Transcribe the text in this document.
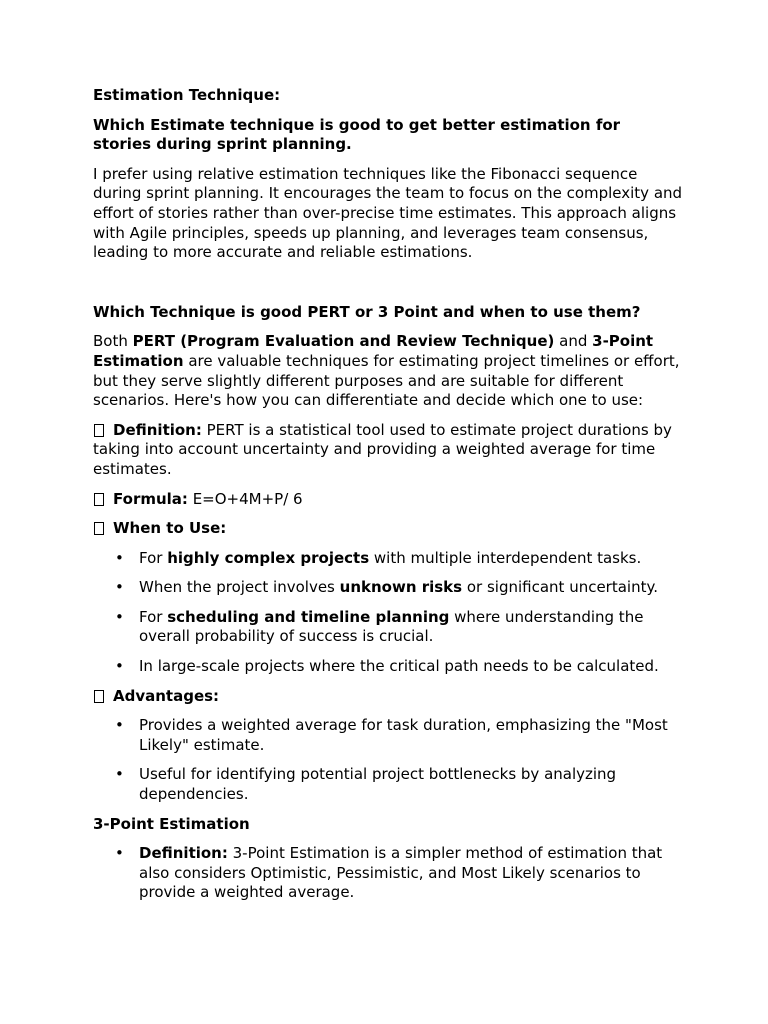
Estimation Technique:

Which Estimate technique is good to get better estimation for stories during sprint planning.

I prefer using relative estimation techniques like the Fibonacci sequence during sprint planning. It encourages the team to focus on the complexity and effort of stories rather than over-precise time estimates. This approach aligns with Agile principles, speeds up planning, and leverages team consensus, leading to more accurate and reliable estimations.

Which Technique is good PERT or 3 Point and when to use them?

Both PERT (Program Evaluation and Review Technique) and 3-Point Estimation are valuable techniques for estimating project timelines or effort, but they serve slightly different purposes and are suitable for different scenarios. Here's how you can differentiate and decide which one to use:

Definition: PERT is a statistical tool used to estimate project durations by taking into account uncertainty and providing a weighted average for time estimates.

Formula: E=O+4M+P/ 6

When to Use:

• For highly complex projects with multiple interdependent tasks.
• When the project involves unknown risks or significant uncertainty.
• For scheduling and timeline planning where understanding the overall probability of success is crucial.
• In large-scale projects where the critical path needs to be calculated.

Advantages:

• Provides a weighted average for task duration, emphasizing the "Most Likely" estimate.
• Useful for identifying potential project bottlenecks by analyzing dependencies.

3-Point Estimation

• Definition: 3-Point Estimation is a simpler method of estimation that also considers Optimistic, Pessimistic, and Most Likely scenarios to provide a weighted average.
